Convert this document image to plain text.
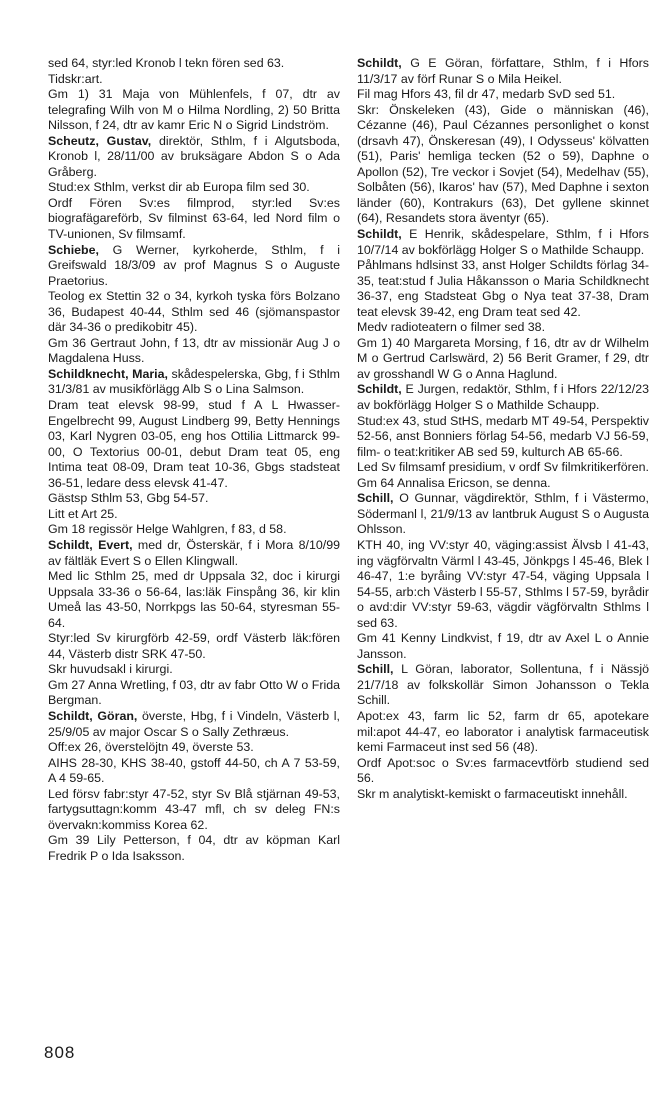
sed 64, styr:led Kronob l tekn fören sed 63.

Tidskr:art.

Gm 1) 31 Maja von Mühlenfels, f 07, dtr av telegrafing Wilh von M o Hilma Nordling, 2) 50 Britta Nilsson, f 24, dtr av kamr Eric N o Sigrid Lindström.

Scheutz, Gustav, direktör, Sthlm, f i Algutsboda, Kronob l, 28/11/00 av bruksägare Abdon S o Ada Gråberg.

Stud:ex Sthlm, verkst dir ab Europa film sed 30.

Ordf Fören Sv:es filmprod, styr:led Sv:es biografägareförb, Sv filminst 63-64, led Nord film o TV-unionen, Sv filmsamf.

Schiebe, G Werner, kyrkoherde, Sthlm, f i Greifswald 18/3/09 av prof Magnus S o Auguste Praetorius.

Teolog ex Stettin 32 o 34, kyrkoh tyska förs Bolzano 36, Budapest 40-44, Sthlm sed 46 (sjömanspastor där 34-36 o predikobitr 45).

Gm 36 Gertraut John, f 13, dtr av missionär Aug J o Magdalena Huss.

Schildknecht, Maria, skådespelerska, Gbg, f i Sthlm 31/3/81 av musikförlägg Alb S o Lina Salmson.

Dram teat elevsk 98-99, stud f A L Hwasser-Engelbrecht 99, August Lindberg 99, Betty Hennings 03, Karl Nygren 03-05, eng hos Ottilia Littmarck 99-00, O Textorius 00-01, debut Dram teat 05, eng Intima teat 08-09, Dram teat 10-36, Gbgs stadsteat 36-51, ledare dess elevsk 41-47.

Gästsp Sthlm 53, Gbg 54-57.

Litt et Art 25.

Gm 18 regissör Helge Wahlgren, f 83, d 58.

Schildt, Evert, med dr, Österskär, f i Mora 8/10/99 av fältläk Evert S o Ellen Klingwall.

Med lic Sthlm 25, med dr Uppsala 32, doc i kirurgi Uppsala 33-36 o 56-64, las:läk Finspång 36, kir klin Umeå las 43-50, Norrkpgs las 50-64, styresman 55-64.

Styr:led Sv kirurgförb 42-59, ordf Västerb läk:fören 44, Västerb distr SRK 47-50.

Skr huvudsakl i kirurgi.

Gm 27 Anna Wretling, f 03, dtr av fabr Otto W o Frida Bergman.

Schildt, Göran, överste, Hbg, f i Vindeln, Västerb l, 25/9/05 av major Oscar S o Sally Zethræus.

Off:ex 26, överstelöjtn 49, överste 53.

AIHS 28-30, KHS 38-40, gstoff 44-50, ch A 7 53-59, A 4 59-65.

Led försv fabr:styr 47-52, styr Sv Blå stjärnan 49-53, fartygsuttagn:komm 43-47 mfl, ch sv deleg FN:s övervakn:kommiss Korea 62.

Gm 39 Lily Petterson, f 04, dtr av köpman Karl Fredrik P o Ida Isaksson.

Schildt, G E Göran, författare, Sthlm, f i Hfors 11/3/17 av förf Runar S o Mila Heikel.

Fil mag Hfors 43, fil dr 47, medarb SvD sed 51.

Skr: Önskeleken (43), Gide o människan (46), Cézanne (46), Paul Cézannes personlighet o konst (drsavh 47), Önskeresan (49), I Odysseus' kölvatten (51), Paris' hemliga tecken (52 o 59), Daphne o Apollon (52), Tre veckor i Sovjet (54), Medelhav (55), Solbåten (56), Ikaros' hav (57), Med Daphne i sexton länder (60), Kontrakurs (63), Det gyllene skinnet (64), Resandets stora äventyr (65).

Schildt, E Henrik, skådespelare, Sthlm, f i Hfors 10/7/14 av bokförlägg Holger S o Mathilde Schaupp.

Påhlmans hdlsinst 33, anst Holger Schildts förlag 34-35, teat:stud f Julia Håkansson o Maria Schildknecht 36-37, eng Stadsteat Gbg o Nya teat 37-38, Dram teat elevsk 39-42, eng Dram teat sed 42.

Medv radioteatern o filmer sed 38.

Gm 1) 40 Margareta Morsing, f 16, dtr av dr Wilhelm M o Gertrud Carlswärd, 2) 56 Berit Gramer, f 29, dtr av grosshandl W G o Anna Haglund.

Schildt, E Jurgen, redaktör, Sthlm, f i Hfors 22/12/23 av bokförlägg Holger S o Mathilde Schaupp.

Stud:ex 43, stud StHS, medarb MT 49-54, Perspektiv 52-56, anst Bonniers förlag 54-56, medarb VJ 56-59, film- o teat:kritiker AB sed 59, kulturch AB 65-66.

Led Sv filmsamf presidium, v ordf Sv filmkritikerfören.

Gm 64 Annalisa Ericson, se denna.

Schill, O Gunnar, vägdirektör, Sthlm, f i Västermo, Södermanl l, 21/9/13 av lantbruk August S o Augusta Ohlsson.

KTH 40, ing VV:styr 40, väging:assist Älvsb l 41-43, ing vägförvaltn Värml l 43-45, Jönkpgs l 45-46, Blek l 46-47, 1:e byråing VV:styr 47-54, väging Uppsala l 54-55, arb:ch Västerb l 55-57, Sthlms l 57-59, byrådir o avd:dir VV:styr 59-63, vägdir vägförvaltn Sthlms l sed 63.

Gm 41 Kenny Lindkvist, f 19, dtr av Axel L o Annie Jansson.

Schill, L Göran, laborator, Sollentuna, f i Nässjö 21/7/18 av folkskollär Simon Johansson o Tekla Schill.

Apot:ex 43, farm lic 52, farm dr 65, apotekare mil:apot 44-47, eo laborator i analytisk farmaceutisk kemi Farmaceut inst sed 56 (48).

Ordf Apot:soc o Sv:es farmacevtförb studiend sed 56.

Skr m analytiskt-kemiskt o farmaceutiskt innehåll.

808
